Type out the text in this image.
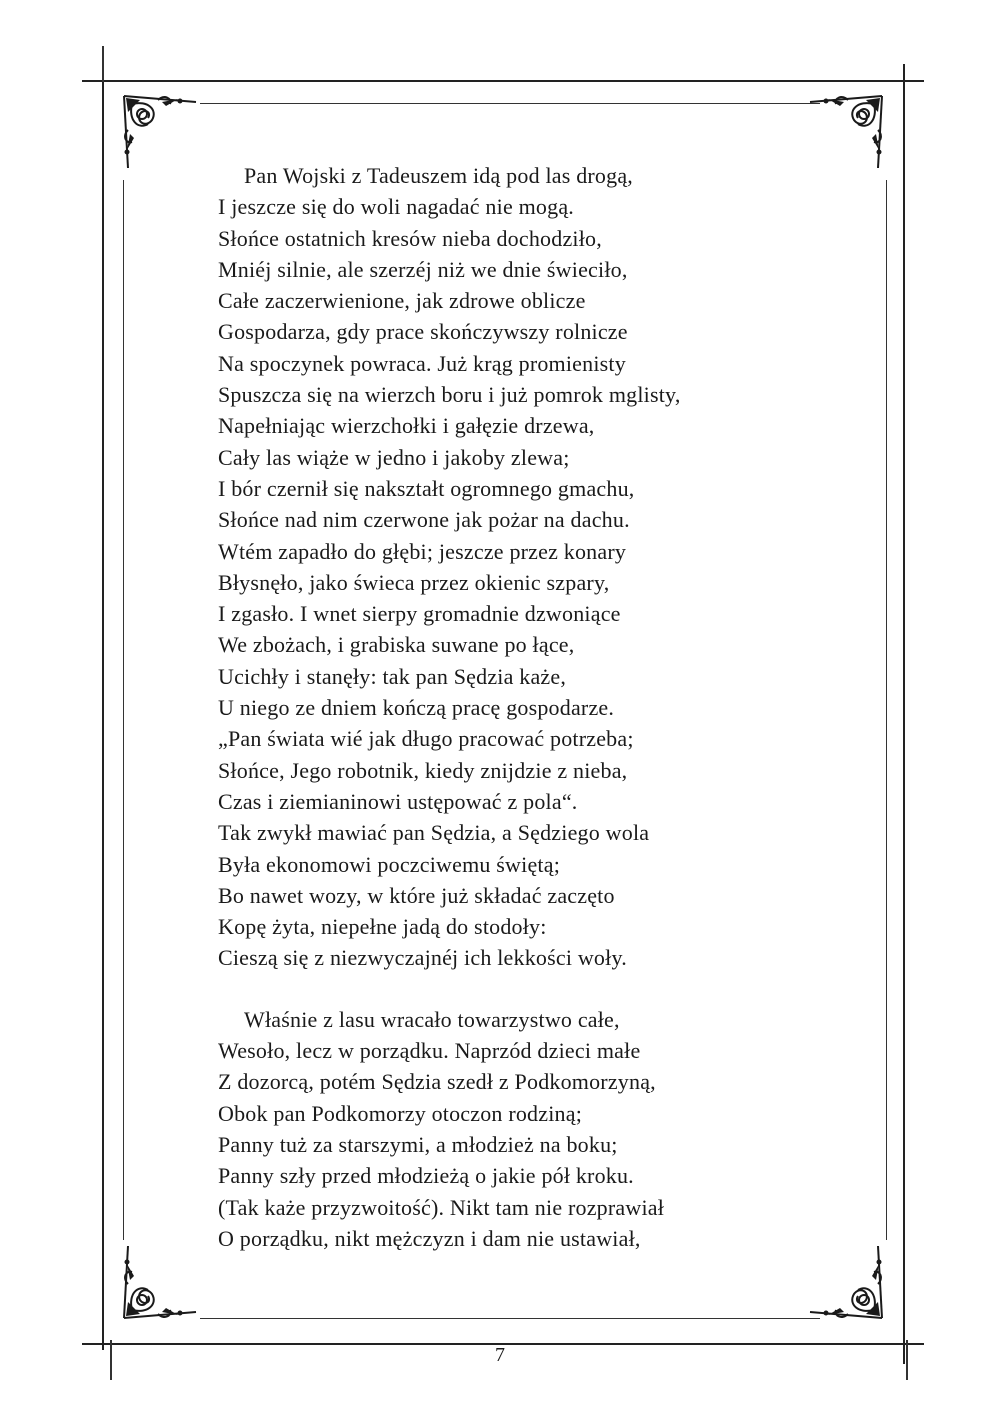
Pan Wojski z Tadeuszem idą pod las drogą,
I jeszcze się do woli nagadać nie mogą.
Słońce ostatnich kresów nieba dochodziło,
Mniéj silnie, ale szerzéj niż we dnie świeciło,
Całe zaczerwienione, jak zdrowe oblicze
Gospodarza, gdy prace skończywszy rolnicze
Na spoczynek powraca. Już krąg promienisty
Spuszcza się na wierzch boru i już pomrok mglisty,
Napełniając wierzchołki i gałęzie drzewa,
Cały las wiąże w jedno i jakoby zlewa;
I bór czernił się nakształt ogromnego gmachu,
Słońce nad nim czerwone jak pożar na dachu.
Wtém zapadło do głębi; jeszcze przez konary
Błysnęło, jako świeca przez okienic szpary,
I zgasło. I wnet sierpy gromadnie dzwoniące
We zbożach, i grabiska suwane po łące,
Ucichły i stanęły: tak pan Sędzia każe,
U niego ze dniem kończą pracę gospodarze.
„Pan świata wié jak długo pracować potrzeba;
Słońce, Jego robotnik, kiedy znijdzie z nieba,
Czas i ziemianinowi ustępować z pola“.
Tak zwykł mawiać pan Sędzia, a Sędziego wola
Była ekonomowi poczciwemu świętą;
Bo nawet wozy, w które już składać zaczęto
Kopę żyta, niepełne jadą do stodoły:
Cieszą się z niezwyczajnéj ich lekkości woły.

Właśnie z lasu wracało towarzystwo całe,
Wesoło, lecz w porządku. Naprzód dzieci małe
Z dozorcą, potém Sędzia szedł z Podkomorzyną,
Obok pan Podkomorzy otoczon rodziną;
Panny tuż za starszymi, a młodzież na boku;
Panny szły przed młodzieżą o jakie pół kroku.
(Tak każe przyzwoitość). Nikt tam nie rozprawiał
O porządku, nikt mężczyzn i dam nie ustawiał,

7
